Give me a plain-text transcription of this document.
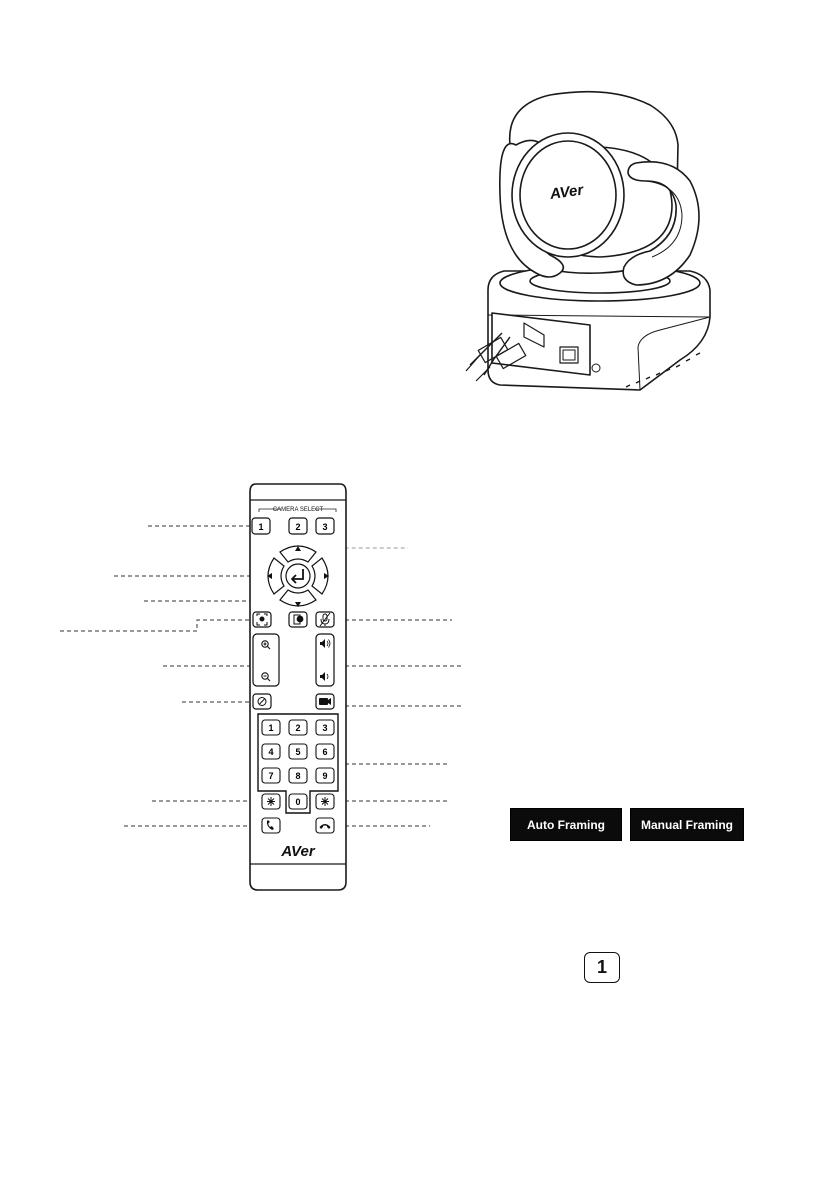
AVer
CAMERA SELECT
1	2 3
1 2 3
4 5 6
7 8 9
0
AVer
Auto Framing	Manual Framing
1
